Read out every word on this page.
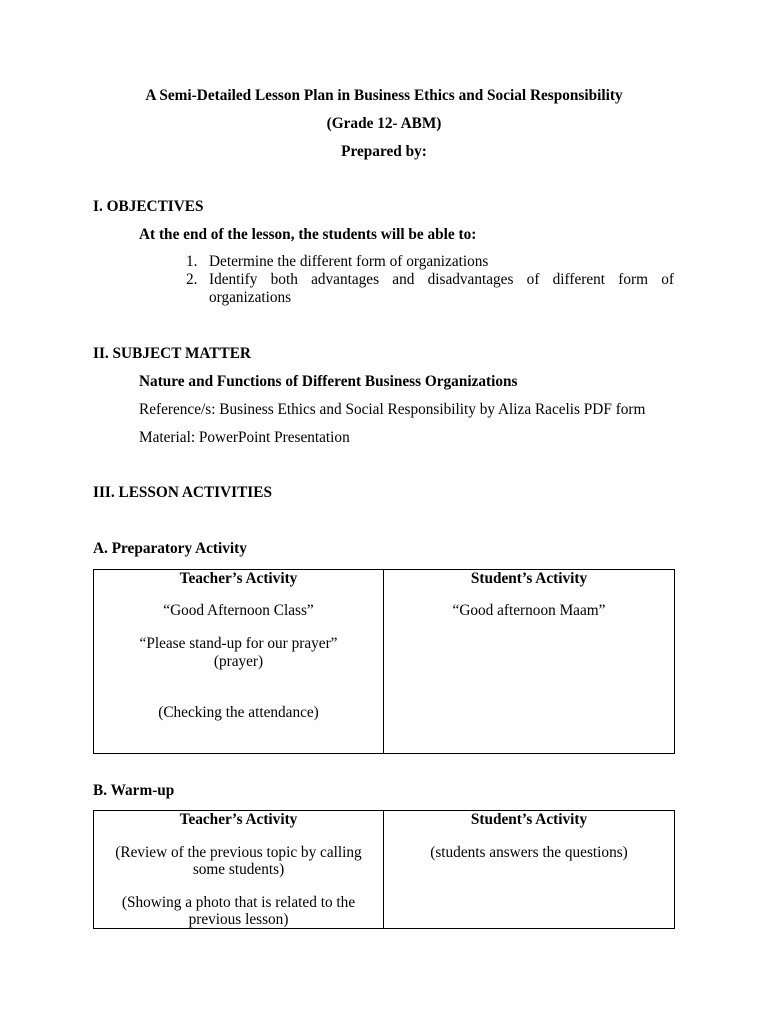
A Semi-Detailed Lesson Plan in Business Ethics and Social Responsibility
(Grade 12- ABM)
Prepared by:
I. OBJECTIVES
At the end of the lesson, the students will be able to:
1. Determine the different form of organizations
2. Identify both advantages and disadvantages of different form of organizations
II. SUBJECT MATTER
Nature and Functions of Different Business Organizations
Reference/s: Business Ethics and Social Responsibility by Aliza Racelis PDF form
Material: PowerPoint Presentation
III. LESSON ACTIVITIES
A. Preparatory Activity
Teacher’s Activity
“Good Afternoon Class”
“Please stand-up for our prayer”
(prayer)
(Checking the attendance)
Student’s Activity
“Good afternoon Maam”
B. Warm-up
Teacher’s Activity
(Review of the previous topic by calling some students)
(Showing a photo that is related to the previous lesson)
Student’s Activity
(students answers the questions)
